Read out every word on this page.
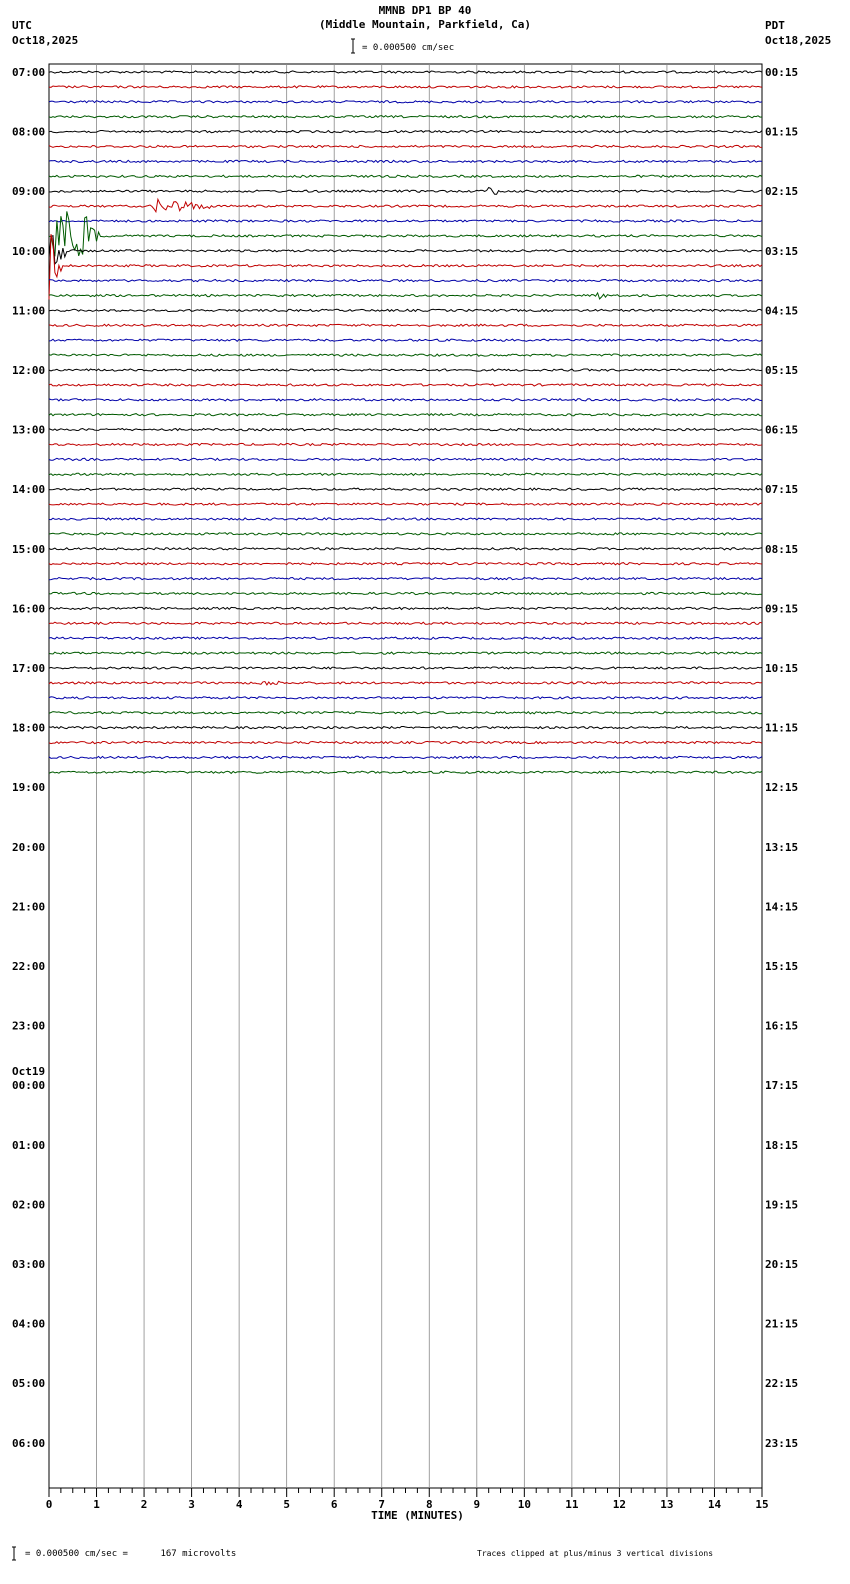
MMNB DP1 BP 40
(Middle Mountain, Parkfield, Ca)
UTC
Oct18,2025
PDT
Oct18,2025
= 0.000500 cm/sec
0	1	2	3	4	5	6	7	8	9	10	11	12	13	14	15
07:00
08:00
09:00
10:00
11:00
12:00
13:00
14:00
15:00
16:00
17:00
18:00
19:00
20:00
21:00
22:00
23:00
00:00
Oct19
01:00
02:00
03:00
04:00
05:00
06:00
00:15
01:15
02:15
03:15
04:15
05:15
06:15
07:15
08:15
09:15
10:15
11:15
12:15
13:15
14:15
15:15
16:15
17:15
18:15
19:15
20:15
21:15
22:15
23:15
TIME (MINUTES)
= 0.000500 cm/sec =      167 microvolts	Traces clipped at plus/minus 3 vertical divisions
